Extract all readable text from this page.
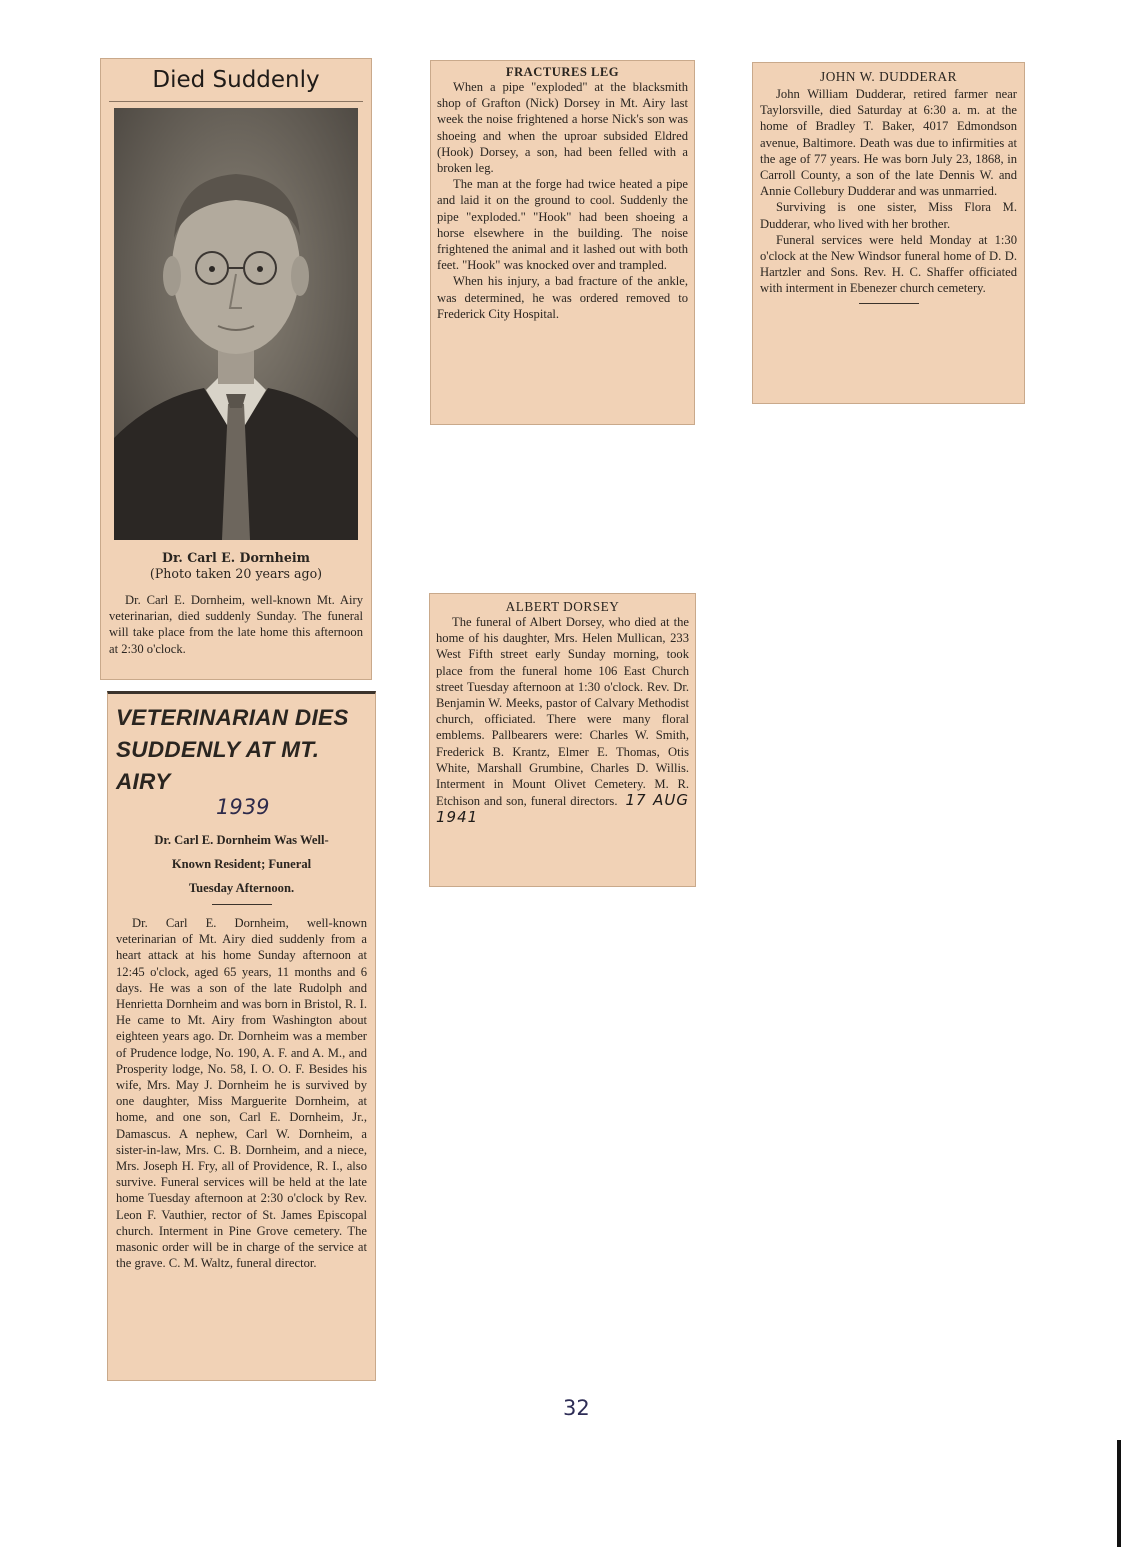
Died Suddenly
Dr. Carl E. Dornheim
(Photo taken 20 years ago)

Dr. Carl E. Dornheim, well-known Mt. Airy veterinarian, died suddenly Sunday. The funeral will take place from the late home this afternoon at 2:30 o'clock.

VETERINARIAN DIES
SUDDENLY AT MT. AIRY
1939
Dr. Carl E. Dornheim Was Well-
Known Resident; Funeral
Tuesday Afternoon.

Dr. Carl E. Dornheim, well-known veterinarian of Mt. Airy died suddenly from a heart attack at his home Sunday afternoon at 12:45 o'clock, aged 65 years, 11 months and 6 days. He was a son of the late Rudolph and Henrietta Dornheim and was born in Bristol, R. I. He came to Mt. Airy from Washington about eighteen years ago. Dr. Dornheim was a member of Prudence lodge, No. 190, A. F. and A. M., and Prosperity lodge, No. 58, I. O. O. F. Besides his wife, Mrs. May J. Dornheim he is survived by one daughter, Miss Marguerite Dornheim, at home, and one son, Carl E. Dornheim, Jr., Damascus. A nephew, Carl W. Dornheim, a sister-in-law, Mrs. C. B. Dornheim, and a niece, Mrs. Joseph H. Fry, all of Providence, R. I., also survive. Funeral services will be held at the late home Tuesday afternoon at 2:30 o'clock by Rev. Leon F. Vauthier, rector of St. James Episcopal church. Interment in Pine Grove cemetery. The masonic order will be in charge of the service at the grave. C. M. Waltz, funeral director.

FRACTURES LEG

When a pipe "exploded" at the blacksmith shop of Grafton (Nick) Dorsey in Mt. Airy last week the noise frightened a horse Nick's son was shoeing and when the uproar subsided Eldred (Hook) Dorsey, a son, had been felled with a broken leg.

The man at the forge had twice heated a pipe and laid it on the ground to cool. Suddenly the pipe "exploded." "Hook" had been shoeing a horse elsewhere in the building. The noise frightened the animal and it lashed out with both feet. "Hook" was knocked over and trampled.

When his injury, a bad fracture of the ankle, was determined, he was ordered removed to Frederick City Hospital.

JOHN W. DUDDERAR

John William Dudderar, retired farmer near Taylorsville, died Saturday at 6:30 a. m. at the home of Bradley T. Baker, 4017 Edmondson avenue, Baltimore. Death was due to infirmities at the age of 77 years. He was born July 23, 1868, in Carroll County, a son of the late Dennis W. and Annie Collebury Dudderar and was unmarried.

Surviving is one sister, Miss Flora M. Dudderar, who lived with her brother.

Funeral services were held Monday at 1:30 o'clock at the New Windsor funeral home of D. D. Hartzler and Sons. Rev. H. C. Shaffer officiated with interment in Ebenezer church cemetery.

ALBERT DORSEY

The funeral of Albert Dorsey, who died at the home of his daughter, Mrs. Helen Mullican, 233 West Fifth street early Sunday morning, took place from the funeral home 106 East Church street Tuesday afternoon at 1:30 o'clock. Rev. Dr. Benjamin W. Meeks, pastor of Calvary Methodist church, officiated. There were many floral emblems. Pallbearers were: Charles W. Smith, Frederick B. Krantz, Elmer E. Thomas, Otis White, Marshall Grumbine, Charles D. Willis. Interment in Mount Olivet Cemetery. M. R. Etchison and son, funeral directors. 17 AUG 1941

32
